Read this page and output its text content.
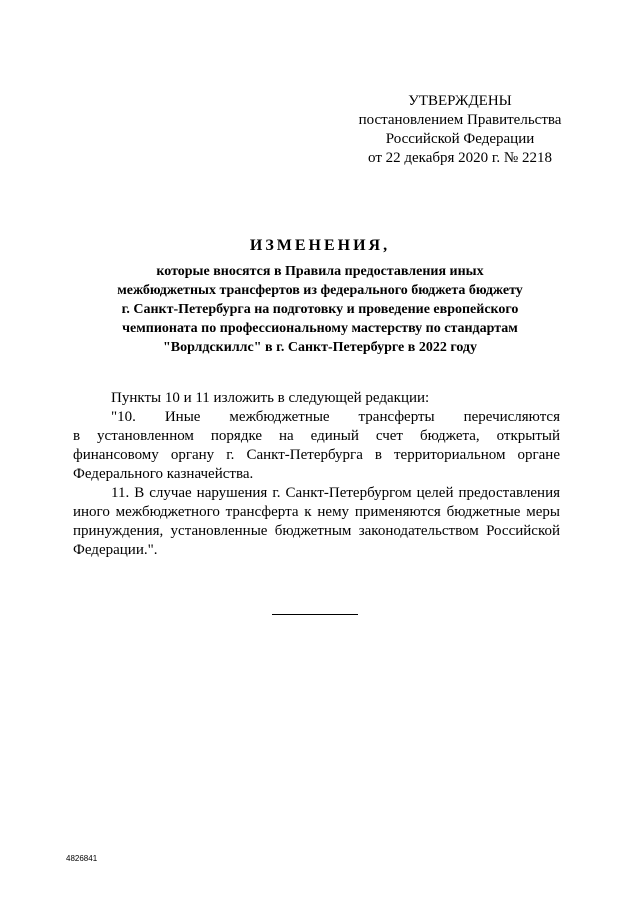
УТВЕРЖДЕНЫ
постановлением Правительства
Российской Федерации
от 22 декабря 2020 г. № 2218
ИЗМЕНЕНИЯ,
которые вносятся в Правила предоставления иных
межбюджетных трансфертов из федерального бюджета бюджету
г. Санкт-Петербурга на подготовку и проведение европейского
чемпионата по профессиональному мастерству по стандартам
"Ворлдскиллс" в г. Санкт-Петербурге в 2022 году
Пункты 10 и 11 изложить в следующей редакции:
"10. Иные межбюджетные трансферты перечисляются
в установленном порядке на единый счет бюджета, открытый
финансовому органу г. Санкт-Петербурга в территориальном органе
Федерального казначейства.
11. В случае нарушения г. Санкт-Петербургом целей предоставления
иного межбюджетного трансферта к нему применяются бюджетные меры
принуждения, установленные бюджетным законодательством Российской
Федерации.".
4826841
